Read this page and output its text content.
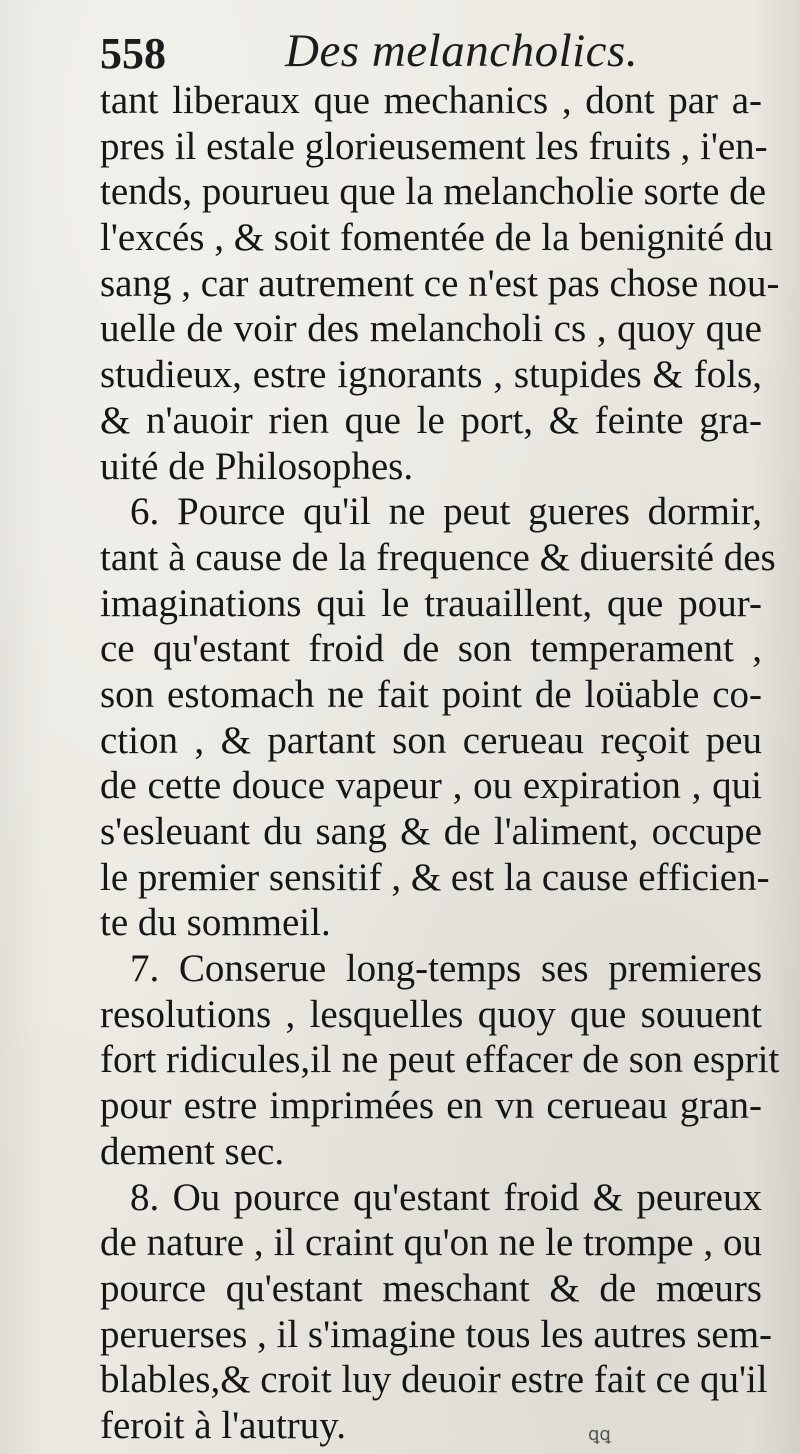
558	Des melancholics.
tant liberaux que mechanics , dont par a-
pres il estale glorieusement les fruits , i'en-
tends, pourueu que la melancholie sorte de
l'excés , & soit fomentée de la benignité du
sang , car autrement ce n'est pas chose nou-
uelle de voir des melancholi cs , quoy que
studieux, estre ignorants , stupides & fols,
& n'auoir rien que le port, & feinte gra-
uité de Philosophes.
6. Pource qu'il ne peut gueres dormir,
tant à cause de la frequence & diuersité des
imaginations qui le trauaillent, que pour-
ce qu'estant froid de son temperament ,
son estomach ne fait point de loüable co-
ction , & partant son cerueau reçoit peu
de cette douce vapeur , ou expiration , qui
s'esleuant du sang & de l'aliment, occupe
le premier sensitif , & est la cause efficien-
te du sommeil.
7. Conserue long-temps ses premieres
resolutions , lesquelles quoy que souuent
fort ridicules,il ne peut effacer de son esprit
pour estre imprimées en vn cerueau gran-
dement sec.
8. Ou pource qu'estant froid & peureux
de nature , il craint qu'on ne le trompe , ou
pource qu'estant meschant & de mœurs
peruerses , il s'imagine tous les autres sem-
blables,& croit luy deuoir estre fait ce qu'il
feroit à l'autruy.	ꝗꝗ
